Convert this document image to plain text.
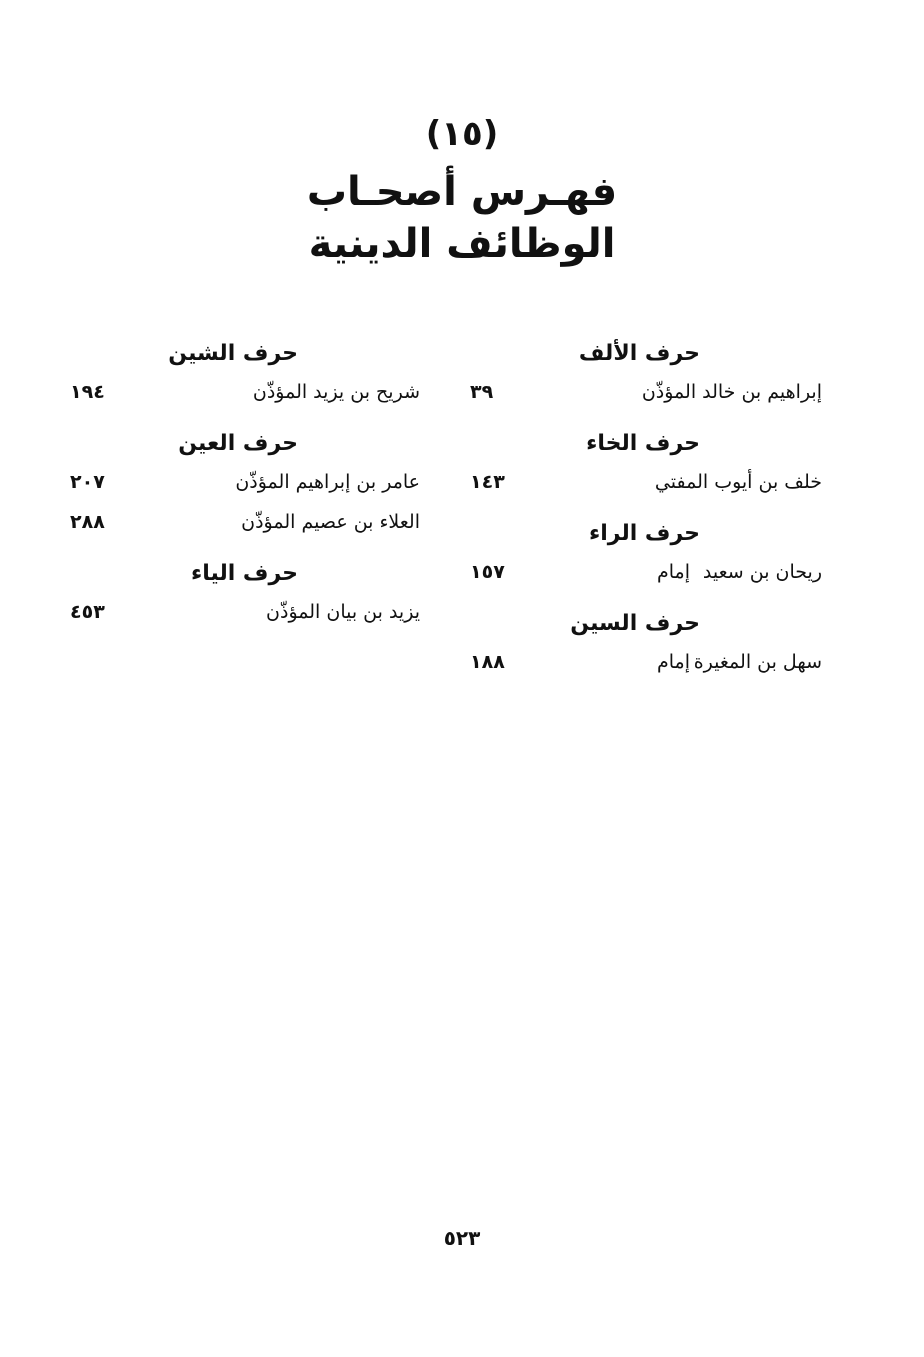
(١٥)
فهـرس أصحـاب
الوظائف الدينية
حرف الألف
إبراهيم بن خالد المؤذّن
٣٩
حرف الخاء
خلف بن أيوب المفتي
١٤٣
حرف الراء
ريحان بن سعيد
إمام
١٥٧
حرف السين
سهل بن المغيرة
إمام
١٨٨
حرف الشين
شريح بن يزيد المؤذّن
١٩٤
حرف العين
عامر بن إبراهيم المؤذّن
٢٠٧
العلاء بن عصيم المؤذّن
٢٨٨
حرف الياء
يزيد بن بيان المؤذّن
٤٥٣
٥٢٣
